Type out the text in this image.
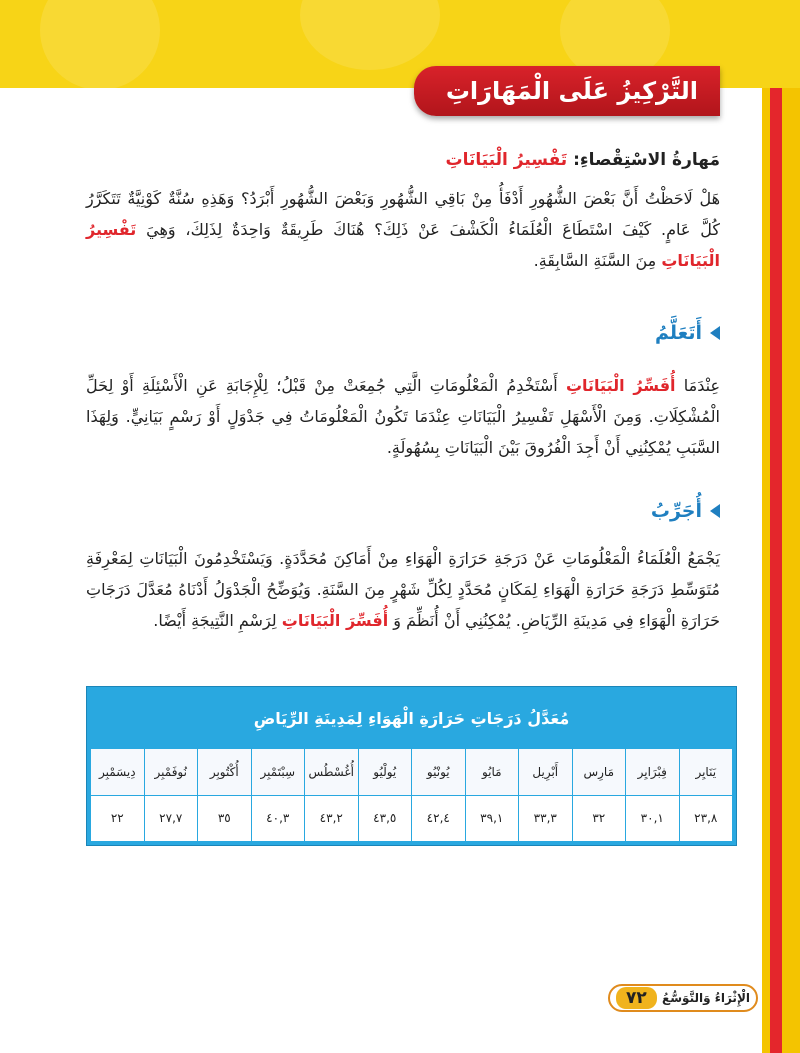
التَّرْكِيزُ عَلَى الْمَهَارَاتِ
مَهارةُ الاسْتِقْصاءِ: تَفْسِيرُ الْبَيَانَاتِ
هَلْ لَاحَظْتُ أَنَّ بَعْضَ الشُّهُورِ أَدْفَأُ مِنْ بَاقِي الشُّهُورِ وَبَعْضَ الشُّهُورِ أَبْرَدُ؟ وَهَذِهِ سُنَّةٌ كَوْنِيَّةٌ تَتَكَرَّرُ كُلَّ عَامٍ. كَيْفَ اسْتَطَاعَ الْعُلَمَاءُ الْكَشْفَ عَنْ ذَلِكَ؟ هُنَاكَ طَرِيقَةٌ وَاحِدَةٌ لِذَلِكَ، وَهِيَ تَفْسِيرُ الْبَيَانَاتِ مِنَ السَّنَةِ السَّابِقَةِ.
أَتَعَلَّمُ
عِنْدَمَا أُفَسِّرُ الْبَيَانَاتِ أَسْتَخْدِمُ الْمَعْلُومَاتِ الَّتِي جُمِعَتْ مِنْ قَبْلُ؛ لِلْإِجَابَةِ عَنِ الْأَسْئِلَةِ أَوْ لِحَلِّ الْمُشْكِلَاتِ. وَمِنَ الْأَسْهَلِ تَفْسِيرُ الْبَيَانَاتِ عِنْدَمَا تَكُونُ الْمَعْلُومَاتُ فِي جَدْوَلٍ أَوْ رَسْمٍ بَيَانِيٍّ. وَلِهَذَا السَّبَبِ يُمْكِنُنِي أَنْ أَجِدَ الْفُرُوقَ بَيْنَ الْبَيَانَاتِ بِسُهُولَةٍ.
أُجَرِّبُ
يَجْمَعُ الْعُلَمَاءُ الْمَعْلُومَاتِ عَنْ دَرَجَةِ حَرَارَةِ الْهَوَاءِ مِنْ أَمَاكِنَ مُحَدَّدَةٍ. وَيَسْتَخْدِمُونَ الْبَيَانَاتِ لِمَعْرِفَةِ مُتَوَسِّطِ دَرَجَةِ حَرَارَةِ الْهَوَاءِ لِمَكَانٍ مُحَدَّدٍ لِكُلِّ شَهْرٍ مِنَ السَّنَةِ. وَيُوَضِّحُ الْجَدْوَلُ أَدْنَاهُ مُعَدَّلَ دَرَجَاتِ حَرَارَةِ الْهَوَاءِ فِي مَدِينَةِ الرِّيَاضِ. يُمْكِنُنِي أَنْ أُنَظِّمَ وَ أُفَسِّرَ الْبَيَانَاتِ لِرَسْمِ النَّتِيجَةِ أَيْضًا.
مُعَدَّلُ دَرَجَاتِ حَرَارَةِ الْهَوَاءِ لِمَدِينَةِ الرِّيَاضِ
يَنَايِر
فِبْرَايِر
مَارِس
أَبْرِيل
مَايُو
يُونْيُو
يُولْيُو
أُغُسْطُس
سِبْتَمْبِر
أُكْتُوبِر
نُوفَمْبِر
دِيسَمْبِر
٢٣,٨
٣٠,١
٣٢
٣٣,٣
٣٩,١
٤٢,٤
٤٣,٥
٤٣,٢
٤٠,٣
٣٥
٢٧,٧
٢٢
الْإِثْرَاءُ وَالتَّوَسُّعُ
٧٢
